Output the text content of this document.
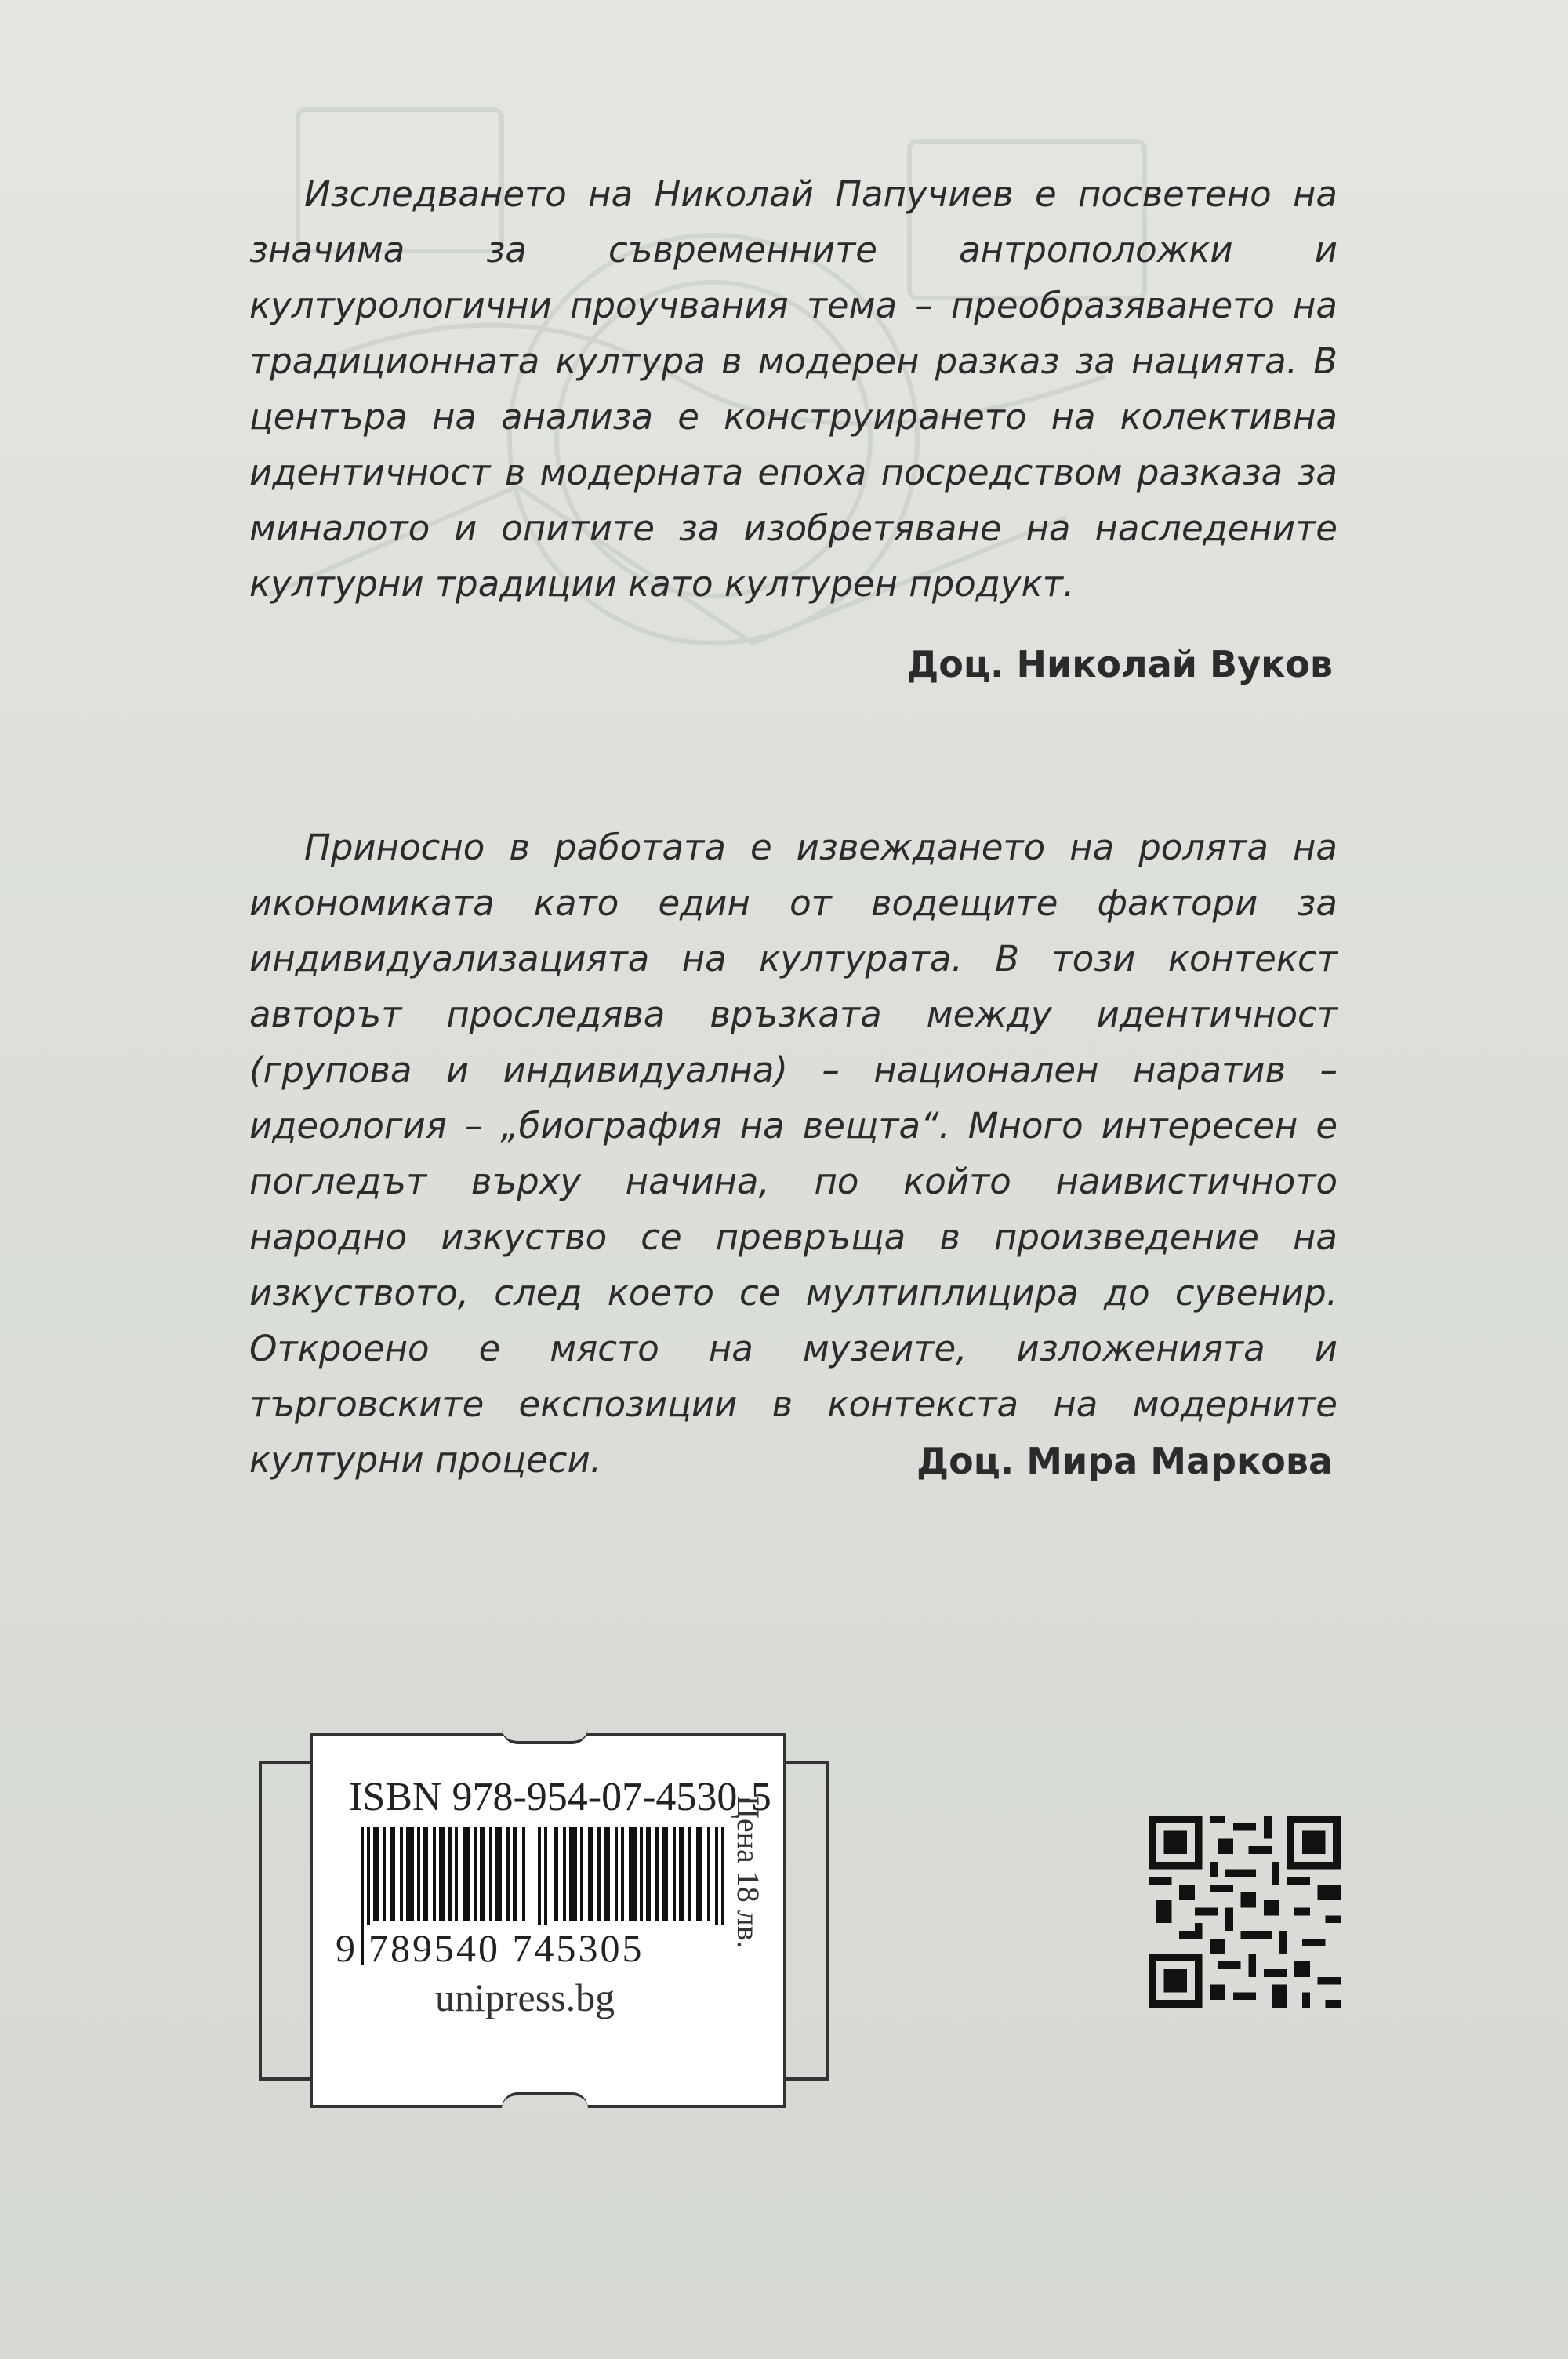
Изследването на Николай Папучиев е посветено на значима за съвременните антроположки и културологични проучвания тема – преобразяването на традиционната култура в модерен разказ за нацията. В центъра на анализа е конструирането на колективна идентичност в модерната епоха посредством разказа за миналото и опитите за изобретяване на наследените културни традиции като културен продукт.
Доц. Николай Вуков
Приносно в работата е извеждането на ролята на икономиката като един от водещите фактори за индивидуализацията на културата. В този контекст авторът проследява връзката между идентичност (групова и индивидуална) – национален наратив – идеология – „биография на вещта“. Много интересен е погледът върху начина, по който наивистичното народно изкуство се превръща в произведение на изкуството, след което се мултиплицира до сувенир. Откроено е място на музеите, изложенията и търговските експозиции в контекста на модерните културни процеси.	Доц. Мира Маркова
ISBN 978-954-07-4530-5
9 789540 745305
unipress.bg
Цена 18 лв.
